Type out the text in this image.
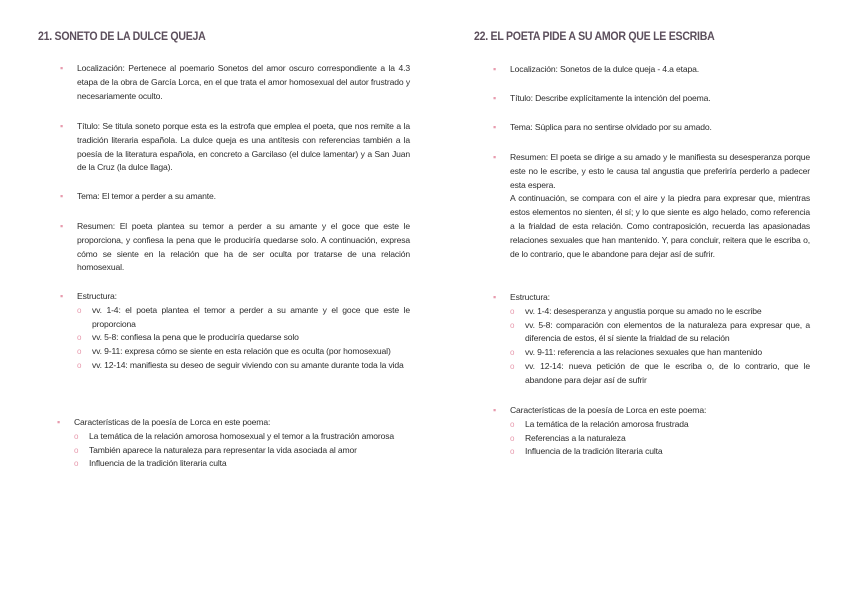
21. SONETO DE LA DULCE QUEJA
▪ Localización: Pertenece al poemario Sonetos del amor oscuro correspondiente a la 4.3 etapa de la obra de García Lorca, en el que trata el amor homosexual del autor frustrado y necesariamente oculto.
▪ Título: Se titula soneto porque esta es la estrofa que emplea el poeta, que nos remite a la tradición literaria española. La dulce queja es una antítesis con referencias también a la poesía de la literatura española, en concreto a Garcilaso (el dulce lamentar) y a San Juan de la Cruz (la dulce llaga).
▪ Tema: El temor a perder a su amante.
▪ Resumen: El poeta plantea su temor a perder a su amante y el goce que este le proporciona, y confiesa la pena que le produciría quedarse solo. A continuación, expresa cómo se siente en la relación que ha de ser oculta por tratarse de una relación homosexual.
▪ Estructura:
o vv. 1-4: el poeta plantea el temor a perder a su amante y el goce que este le proporciona
o vv. 5-8: confiesa la pena que le produciría quedarse solo
o vv. 9-11: expresa cómo se siente en esta relación que es oculta (por homosexual)
o vv. 12-14: manifiesta su deseo de seguir viviendo con su amante durante toda la vida
▪ Características de la poesía de Lorca en este poema:
o La temática de la relación amorosa homosexual y el temor a la frustración amorosa
o También aparece la naturaleza para representar la vida asociada al amor
o Influencia de la tradición literaria culta
22. EL POETA PIDE A SU AMOR QUE LE ESCRIBA
▪ Localización: Sonetos de la dulce queja - 4.a etapa.
▪ Título: Describe explícitamente la intención del poema.
▪ Tema: Súplica para no sentirse olvidado por su amado.
▪ Resumen: El poeta se dirige a su amado y le manifiesta su desesperanza porque este no le escribe, y esto le causa tal angustia que preferiría perderlo a padecer esta espera.
A continuación, se compara con el aire y la piedra para expresar que, mientras estos elementos no sienten, él sí; y lo que siente es algo helado, como referencia a la frialdad de esta relación. Como contraposición, recuerda las apasionadas relaciones sexuales que han mantenido. Y, para concluir, reitera que le escriba o, de lo contrario, que le abandone para dejar así de sufrir.
▪ Estructura:
o vv. 1-4: desesperanza y angustia porque su amado no le escribe
o vv. 5-8: comparación con elementos de la naturaleza para expresar que, a diferencia de estos, él sí siente la frialdad de su relación
o vv. 9-11: referencia a las relaciones sexuales que han mantenido
o vv. 12-14: nueva petición de que le escriba o, de lo contrario, que le abandone para dejar así de sufrir
▪ Características de la poesía de Lorca en este poema:
o La temática de la relación amorosa frustrada
o Referencias a la naturaleza
o Influencia de la tradición literaria culta
